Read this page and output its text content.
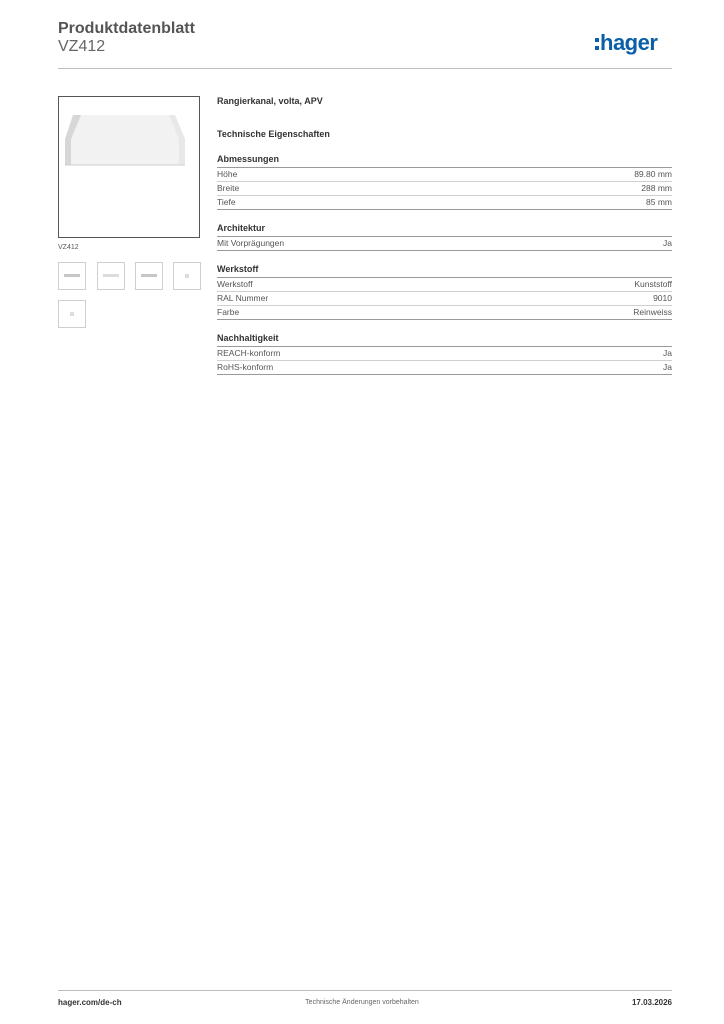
Produktdatenblatt
VZ412	hager
VZ412
Rangierkanal, volta, APV
Technische Eigenschaften
Abmessungen
Höhe	89.80 mm
Breite	288 mm
Tiefe	85 mm
Architektur
Mit Vorprägungen	Ja
Werkstoff
Werkstoff	Kunststoff
RAL Nummer	9010
Farbe	Reinweiss
Nachhaltigkeit
REACH-konform	Ja
RoHS-konform	Ja
hager.com/de-ch	Technische Änderungen vorbehalten	17.03.2026
